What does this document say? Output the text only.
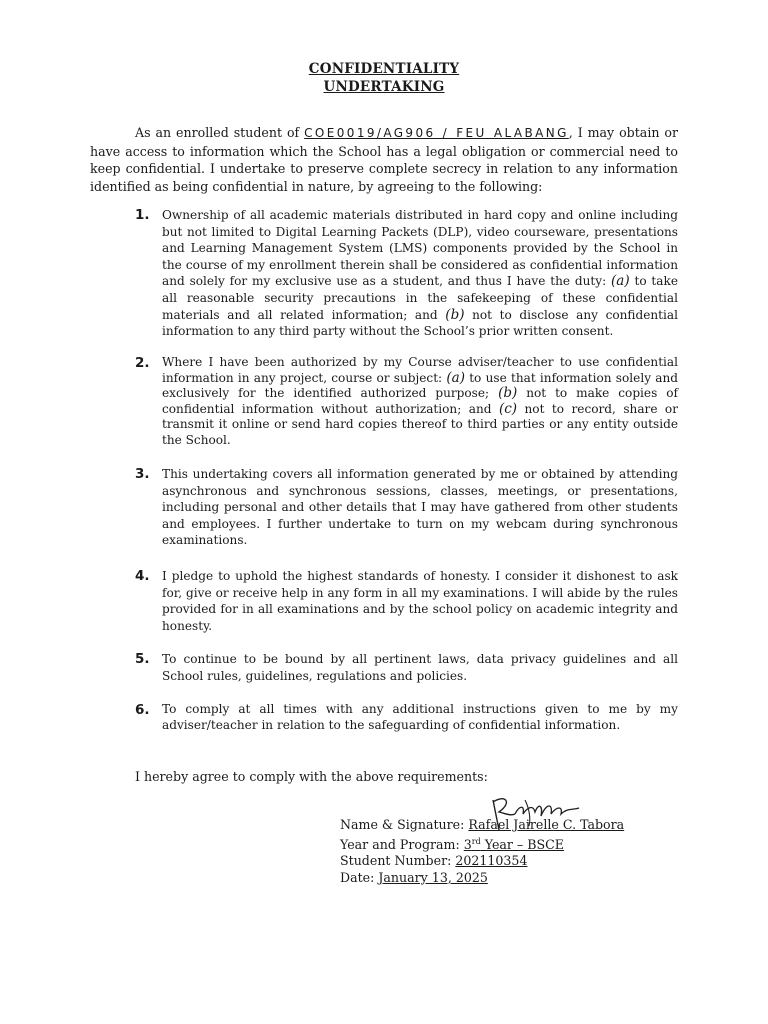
CONFIDENTIALITY
UNDERTAKING
As an enrolled student of COE0019/AG906 / FEU ALABANG, I may obtain or have access to information which the School has a legal obligation or commercial need to keep confidential. I undertake to preserve complete secrecy in relation to any information identified as being confidential in nature, by agreeing to the following:
1. Ownership of all academic materials distributed in hard copy and online including but not limited to Digital Learning Packets (DLP), video courseware, presentations and Learning Management System (LMS) components provided by the School in the course of my enrollment therein shall be considered as confidential information and solely for my exclusive use as a student, and thus I have the duty: (a) to take all reasonable security precautions in the safekeeping of these confidential materials and all related information; and (b) not to disclose any confidential information to any third party without the School’s prior written consent.
2. Where I have been authorized by my Course adviser/teacher to use confidential information in any project, course or subject: (a) to use that information solely and exclusively for the identified authorized purpose; (b) not to make copies of confidential information without authorization; and (c) not to record, share or transmit it online or send hard copies thereof to third parties or any entity outside the School.
3. This undertaking covers all information generated by me or obtained by attending asynchronous and synchronous sessions, classes, meetings, or presentations, including personal and other details that I may have gathered from other students and employees. I further undertake to turn on my webcam during synchronous examinations.
4. I pledge to uphold the highest standards of honesty. I consider it dishonest to ask for, give or receive help in any form in all my examinations. I will abide by the rules provided for in all examinations and by the school policy on academic integrity and honesty.
5. To continue to be bound by all pertinent laws, data privacy guidelines and all School rules, guidelines, regulations and policies.
6. To comply at all times with any additional instructions given to me by my adviser/teacher in relation to the safeguarding of confidential information.
I hereby agree to comply with the above requirements:
Name & Signature: Rafael Jairelle C. Tabora
Year and Program: 3rd Year – BSCE
Student Number: 202110354
Date: January 13, 2025
